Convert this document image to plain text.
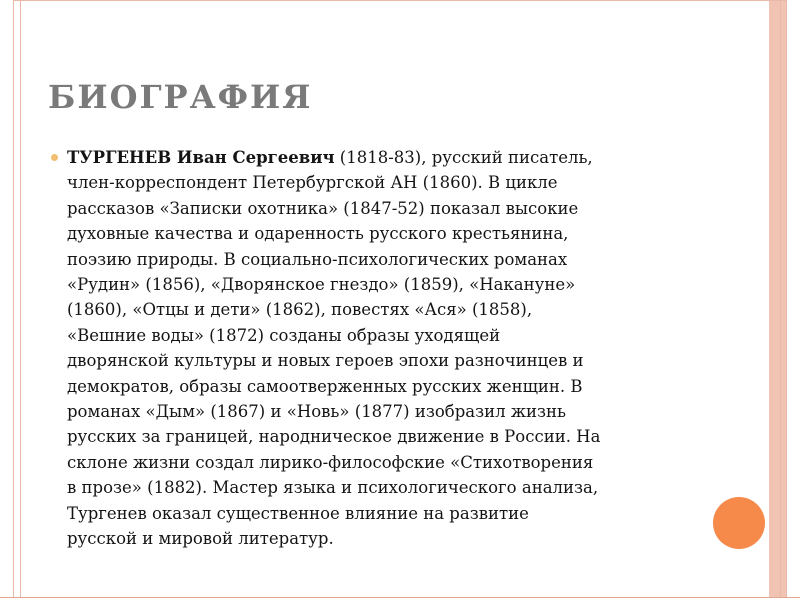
БИОГРАФИЯ
ТУРГЕНЕВ Иван Сергеевич (1818-83), русский писатель,
член-корреспондент Петербургской АН (1860). В цикле
рассказов «Записки охотника» (1847-52) показал высокие
духовные качества и одаренность русского крестьянина,
поэзию природы. В социально-психологических романах
«Рудин» (1856), «Дворянское гнездо» (1859), «Накануне»
(1860), «Отцы и дети» (1862), повестях «Ася» (1858),
«Вешние воды» (1872) созданы образы уходящей
дворянской культуры и новых героев эпохи разночинцев и
демократов, образы самоотверженных русских женщин. В
романах «Дым» (1867) и «Новь» (1877) изобразил жизнь
русских за границей, народническое движение в России. На
склоне жизни создал лирико-философские «Стихотворения
в прозе» (1882). Мастер языка и психологического анализа,
Тургенев оказал существенное влияние на развитие
русской и мировой литератур.
